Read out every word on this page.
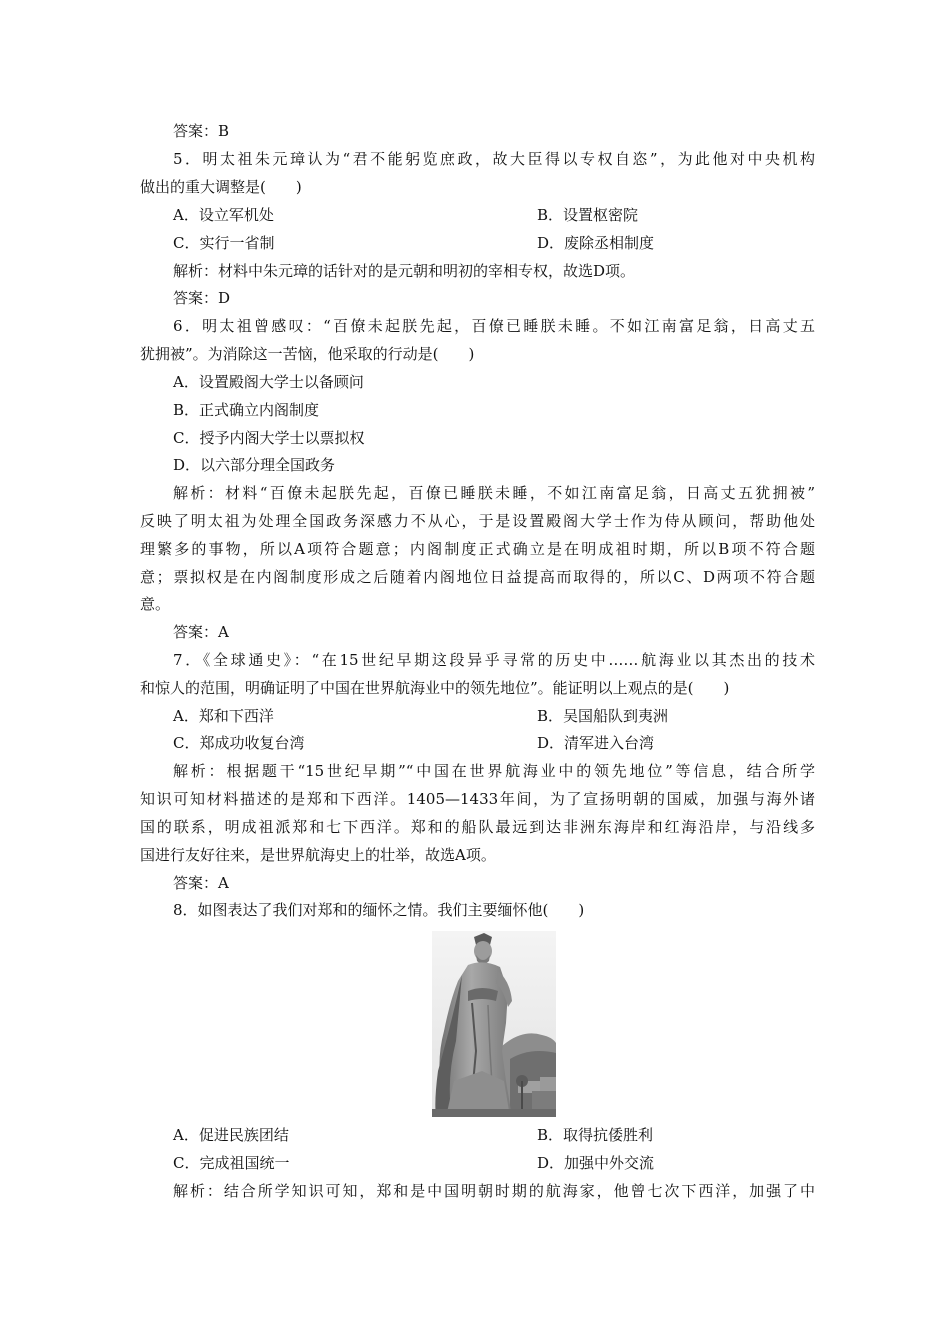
答案：B
5．明太祖朱元璋认为“君不能躬览庶政，故大臣得以专权自恣”，为此他对中央机构
做出的重大调整是(　　)
A．设立军机处	B．设置枢密院
C．实行一省制	D．废除丞相制度
解析：材料中朱元璋的话针对的是元朝和明初的宰相专权，故选D项。
答案：D
6．明太祖曾感叹：“百僚未起朕先起，百僚已睡朕未睡。不如江南富足翁，日高丈五
犹拥被”。为消除这一苦恼，他采取的行动是(　　)
A．设置殿阁大学士以备顾问
B．正式确立内阁制度
C．授予内阁大学士以票拟权
D．以六部分理全国政务
解析：材料“百僚未起朕先起，百僚已睡朕未睡，不如江南富足翁，日高丈五犹拥被”
反映了明太祖为处理全国政务深感力不从心，于是设置殿阁大学士作为侍从顾问，帮助他处
理繁多的事物，所以A项符合题意；内阁制度正式确立是在明成祖时期，所以B项不符合题
意；票拟权是在内阁制度形成之后随着内阁地位日益提高而取得的，所以C、D两项不符合题
意。
答案：A
7．《全球通史》：“在15世纪早期这段异乎寻常的历史中……航海业以其杰出的技术
和惊人的范围，明确证明了中国在世界航海业中的领先地位”。能证明以上观点的是(　　)
A．郑和下西洋	B．吴国船队到夷洲
C．郑成功收复台湾	D．清军进入台湾
解析：根据题干“15世纪早期”“中国在世界航海业中的领先地位”等信息，结合所学
知识可知材料描述的是郑和下西洋。1405—1433年间，为了宣扬明朝的国威，加强与海外诸
国的联系，明成祖派郑和七下西洋。郑和的船队最远到达非洲东海岸和红海沿岸，与沿线多
国进行友好往来，是世界航海史上的壮举，故选A项。
答案：A
8．如图表达了我们对郑和的缅怀之情。我们主要缅怀他(　　)
A．促进民族团结	B．取得抗倭胜利
C．完成祖国统一	D．加强中外交流
解析：结合所学知识可知，郑和是中国明朝时期的航海家，他曾七次下西洋，加强了中
